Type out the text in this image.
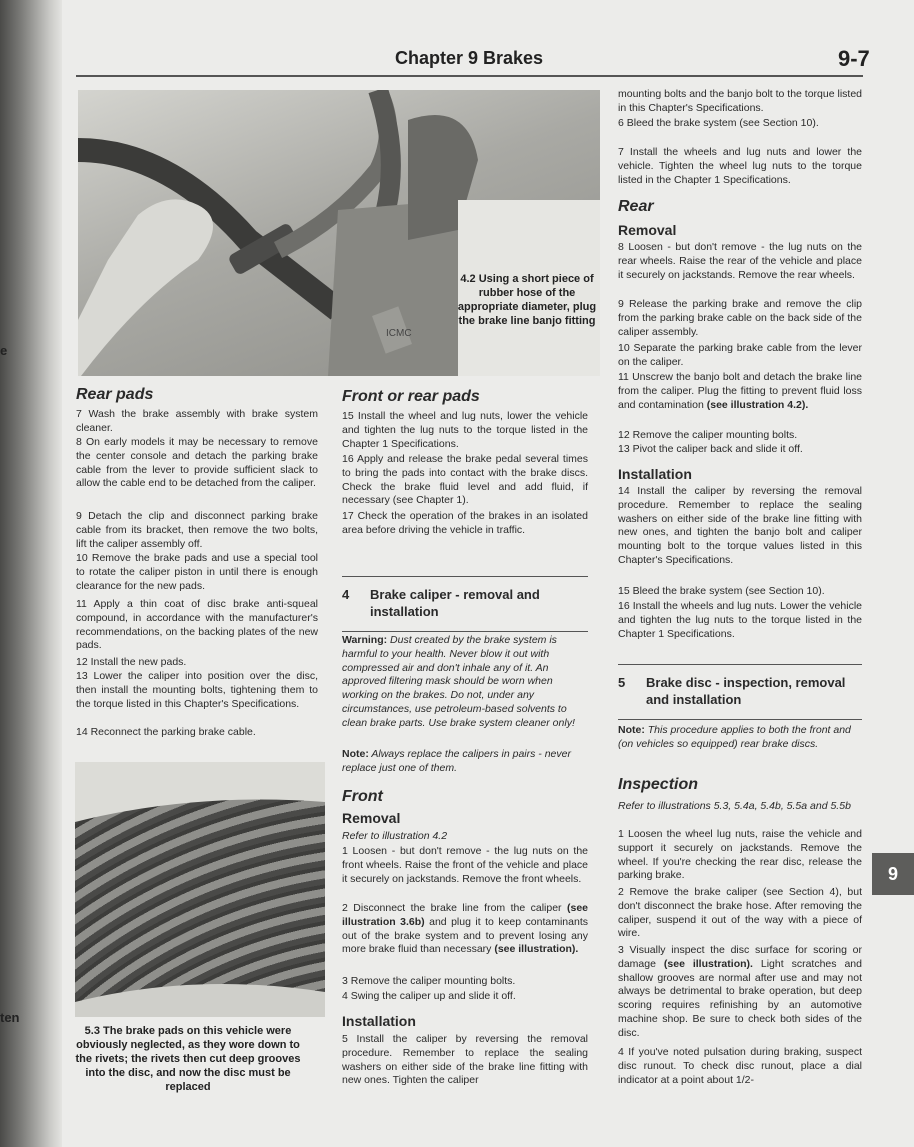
e
ten
Chapter 9 Brakes	9-7
ICMC
4.2 Using a short piece of rubber hose of the appropriate diameter, plug the brake line banjo fitting
5.3 The brake pads on this vehicle were obviously neglected, as they wore down to the rivets; the rivets then cut deep grooves into the disc, and now the disc must be replaced
Rear pads

7 Wash the brake assembly with brake system cleaner.

8 On early models it may be necessary to remove the center console and detach the parking brake cable from the lever to provide sufficient slack to allow the cable end to be detached from the caliper.

9 Detach the clip and disconnect parking brake cable from its bracket, then remove the two bolts, lift the caliper assembly off.

10 Remove the brake pads and use a special tool to rotate the caliper piston in until there is enough clearance for the new pads.

11 Apply a thin coat of disc brake anti-squeal compound, in accordance with the manufacturer's recommendations, on the backing plates of the new pads.

12 Install the new pads.

13 Lower the caliper into position over the disc, then install the mounting bolts, tightening them to the torque listed in this Chapter's Specifications.

14 Reconnect the parking brake cable.

Front or rear pads

15 Install the wheel and lug nuts, lower the vehicle and tighten the lug nuts to the torque listed in the Chapter 1 Specifications.

16 Apply and release the brake pedal several times to bring the pads into contact with the brake discs. Check the brake fluid level and add fluid, if necessary (see Chapter 1).

17 Check the operation of the brakes in an isolated area before driving the vehicle in traffic.

4	Brake caliper - removal and installation

Warning: Dust created by the brake system is harmful to your health. Never blow it out with compressed air and don't inhale any of it. An approved filtering mask should be worn when working on the brakes. Do not, under any circumstances, use petroleum-based solvents to clean brake parts. Use brake system cleaner only!

Note: Always replace the calipers in pairs - never replace just one of them.

Front
Removal

Refer to illustration 4.2

1 Loosen - but don't remove - the lug nuts on the front wheels. Raise the front of the vehicle and place it securely on jackstands. Remove the front wheels.

2 Disconnect the brake line from the caliper (see illustration 3.6b) and plug it to keep contaminants out of the brake system and to prevent losing any more brake fluid than necessary (see illustration).

3 Remove the caliper mounting bolts.

4 Swing the caliper up and slide it off.

Installation

5 Install the caliper by reversing the removal procedure. Remember to replace the sealing washers on either side of the brake line fitting with new ones. Tighten the caliper

mounting bolts and the banjo bolt to the torque listed in this Chapter's Specifications.

6 Bleed the brake system (see Section 10).

7 Install the wheels and lug nuts and lower the vehicle. Tighten the wheel lug nuts to the torque listed in the Chapter 1 Specifications.

Rear
Removal

8 Loosen - but don't remove - the lug nuts on the rear wheels. Raise the rear of the vehicle and place it securely on jackstands. Remove the rear wheels.

9 Release the parking brake and remove the clip from the parking brake cable on the back side of the caliper assembly.

10 Separate the parking brake cable from the lever on the caliper.

11 Unscrew the banjo bolt and detach the brake line from the caliper. Plug the fitting to prevent fluid loss and contamination (see illustration 4.2).

12 Remove the caliper mounting bolts.

13 Pivot the caliper back and slide it off.

Installation

14 Install the caliper by reversing the removal procedure. Remember to replace the sealing washers on either side of the brake line fitting with new ones, and tighten the banjo bolt and caliper mounting bolt to the torque values listed in this Chapter's Specifications.

15 Bleed the brake system (see Section 10).

16 Install the wheels and lug nuts. Lower the vehicle and tighten the lug nuts to the torque listed in the Chapter 1 Specifications.

5	Brake disc - inspection, removal and installation

Note: This procedure applies to both the front and (on vehicles so equipped) rear brake discs.

Inspection

Refer to illustrations 5.3, 5.4a, 5.4b, 5.5a and 5.5b

1 Loosen the wheel lug nuts, raise the vehicle and support it securely on jackstands. Remove the wheel. If you're checking the rear disc, release the parking brake.

2 Remove the brake caliper (see Section 4), but don't disconnect the brake hose. After removing the caliper, suspend it out of the way with a piece of wire.

3 Visually inspect the disc surface for scoring or damage (see illustration). Light scratches and shallow grooves are normal after use and may not always be detrimental to brake operation, but deep scoring requires refinishing by an automotive machine shop. Be sure to check both sides of the disc.

4 If you've noted pulsation during braking, suspect disc runout. To check disc runout, place a dial indicator at a point about 1/2-

9
